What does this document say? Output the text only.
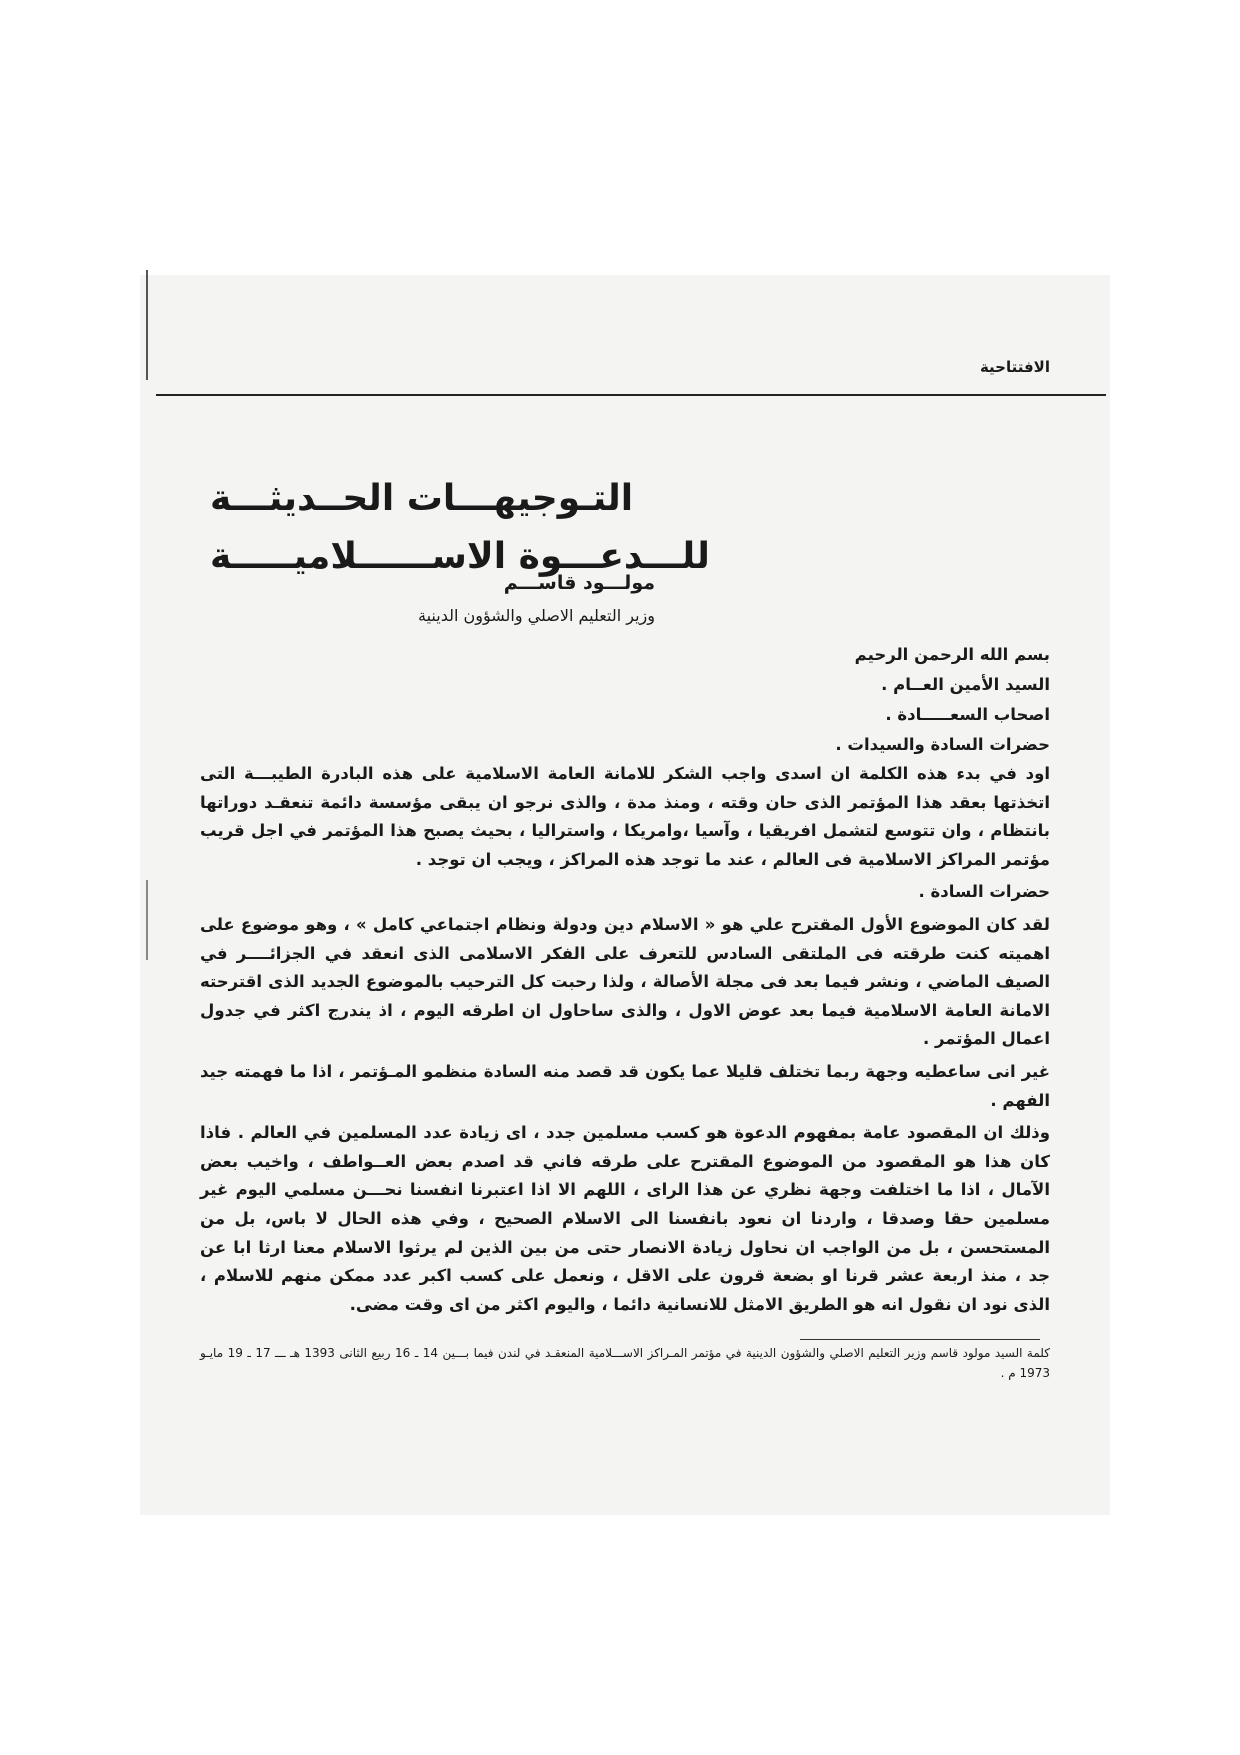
الافتتاحية
التـوجيهـــات الحــديثـــة
للـــدعـــوة الاســــــلاميـــــة
مولـــود قاســـم
وزير التعليم الاصلي والشؤون الدينية
بسم الله الرحمن الرحيم
السيد الأمين العــام .
اصحاب السعـــــادة .
حضرات السادة والسيدات .

اود في بدء هذه الكلمة ان اسدى واجب الشكر للامانة العامة الاسلامية على هذه البادرة الطيبـــة التى اتخذتها بعقد هذا المؤتمر الذى حان وقته ، ومنذ مدة ، والذى نرجو ان يبقى مؤسسة دائمة تنعقـد دوراتها بانتظام ، وان تتوسع لتشمل افريقيا ، وآسيا ،وامريكا ، واستراليا ، بحيث يصبح هذا المؤتمر في اجل قريب مؤتمر المراكز الاسلامية فى العالم ، عند ما توجد هذه المراكز ، ويجب ان توجد .

حضرات السادة .

لقد كان الموضوع الأول المقترح علي هو « الاسلام دين ودولة ونظام اجتماعي كامل » ، وهو موضوع على اهميته كنت طرقته فى الملتقى السادس للتعرف على الفكر الاسلامى الذى انعقد في الجزائــــر في الصيف الماضي ، ونشر فيما بعد فى مجلة الأصالة ، ولذا رحبت كل الترحيب بالموضوع الجديد الذى اقترحته الامانة العامة الاسلامية فيما بعد عوض الاول ، والذى ساحاول ان اطرقه اليوم ، اذ يندرج اكثر في جدول اعمال المؤتمر .

غير انى ساعطيه وجهة ربما تختلف قليلا عما يكون قد قصد منه السادة منظمو المـؤتمر ، اذا ما فهمته جيد الفهم .

وذلك ان المقصود عامة بمفهوم الدعوة هو كسب مسلمين جدد ، اى زيادة عدد المسلمين في العالم . فاذا كان هذا هو المقصود من الموضوع المقترح على طرقه فاني قد اصدم بعض العــواطف ، واخيب بعض الآمال ، اذا ما اختلفت وجهة نظري عن هذا الراى ، اللهم الا اذا اعتبرنا انفسنا نحـــن مسلمي اليوم غير مسلمين حقا وصدقا ، واردنا ان نعود بانفسنا الى الاسلام الصحيح ، وفي هذه الحال لا باس، بل من المستحسن ، بل من الواجب ان نحاول زيادة الانصار حتى من بين الذين لم يرثوا الاسلام معنا ارثا ابا عن جد ، منذ اربعة عشر قرنا او بضعة قرون على الاقل ، ونعمل على كسب اكبر عدد ممكن منهم للاسلام ، الذى نود ان نقول انه هو الطريق الامثل للانسانية دائما ، واليوم اكثر من اى وقت مضى.

كلمة السيد مولود قاسم وزير التعليم الاصلي والشؤون الدينية في مؤتمر المـراكز الاســـلامية المنعقـد في لندن فيما بـــين 14 ـ 16 ربيع الثانى 1393 هـ ـــ 17 ـ 19 مايـو 1973 م .
